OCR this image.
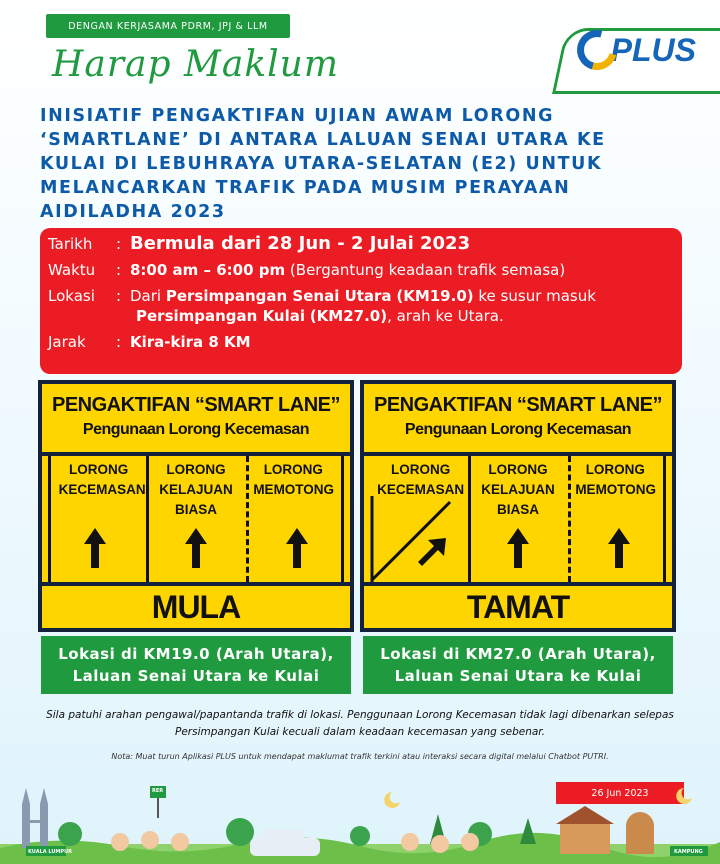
DENGAN KERJASAMA PDRM, JPJ & LLM
Harap Maklum	PLUS
INISIATIF PENGAKTIFAN UJIAN AWAM LORONG ‘SMARTLANE’ DI ANTARA LALUAN SENAI UTARA KE KULAI DI LEBUHRAYA UTARA-SELATAN (E2) UNTUK MELANCARKAN TRAFIK PADA MUSIM PERAYAAN AIDILADHA 2023
Tarikh	: Bermula dari 28 Jun - 2 Julai 2023
Waktu	: 8:00 am – 6:00 pm (Bergantung keadaan trafik semasa)
Lokasi	: Dari Persimpangan Senai Utara (KM19.0) ke susur masuk
Persimpangan Kulai (KM27.0), arah ke Utara.
Jarak	: Kira-kira 8 KM
PENGAKTIFAN “SMART LANE”
Pengunaan Lorong Kecemasan
LORONG KECEMASAN
LORONG KELAJUAN BIASA
LORONG MEMOTONG
MULA
PENGAKTIFAN “SMART LANE”
Pengunaan Lorong Kecemasan
LORONG KECEMASAN
LORONG KELAJUAN BIASA
LORONG MEMOTONG
TAMAT
Lokasi di KM19.0 (Arah Utara),
Laluan Senai Utara ke Kulai
Lokasi di KM27.0 (Arah Utara),
Laluan Senai Utara ke Kulai
Sila patuhi arahan pengawal/papantanda trafik di lokasi. Penggunaan Lorong Kecemasan tidak lagi dibenarkan selepas Persimpangan Kulai kecuali dalam keadaan kecemasan yang sebenar.
Nota: Muat turun Aplikasi PLUS untuk mendapat maklumat trafik terkini atau interaksi secara digital melalui Chatbot PUTRI.
26 Jun 2023
KUALA LUMPUR	KAMPUNG
RER
